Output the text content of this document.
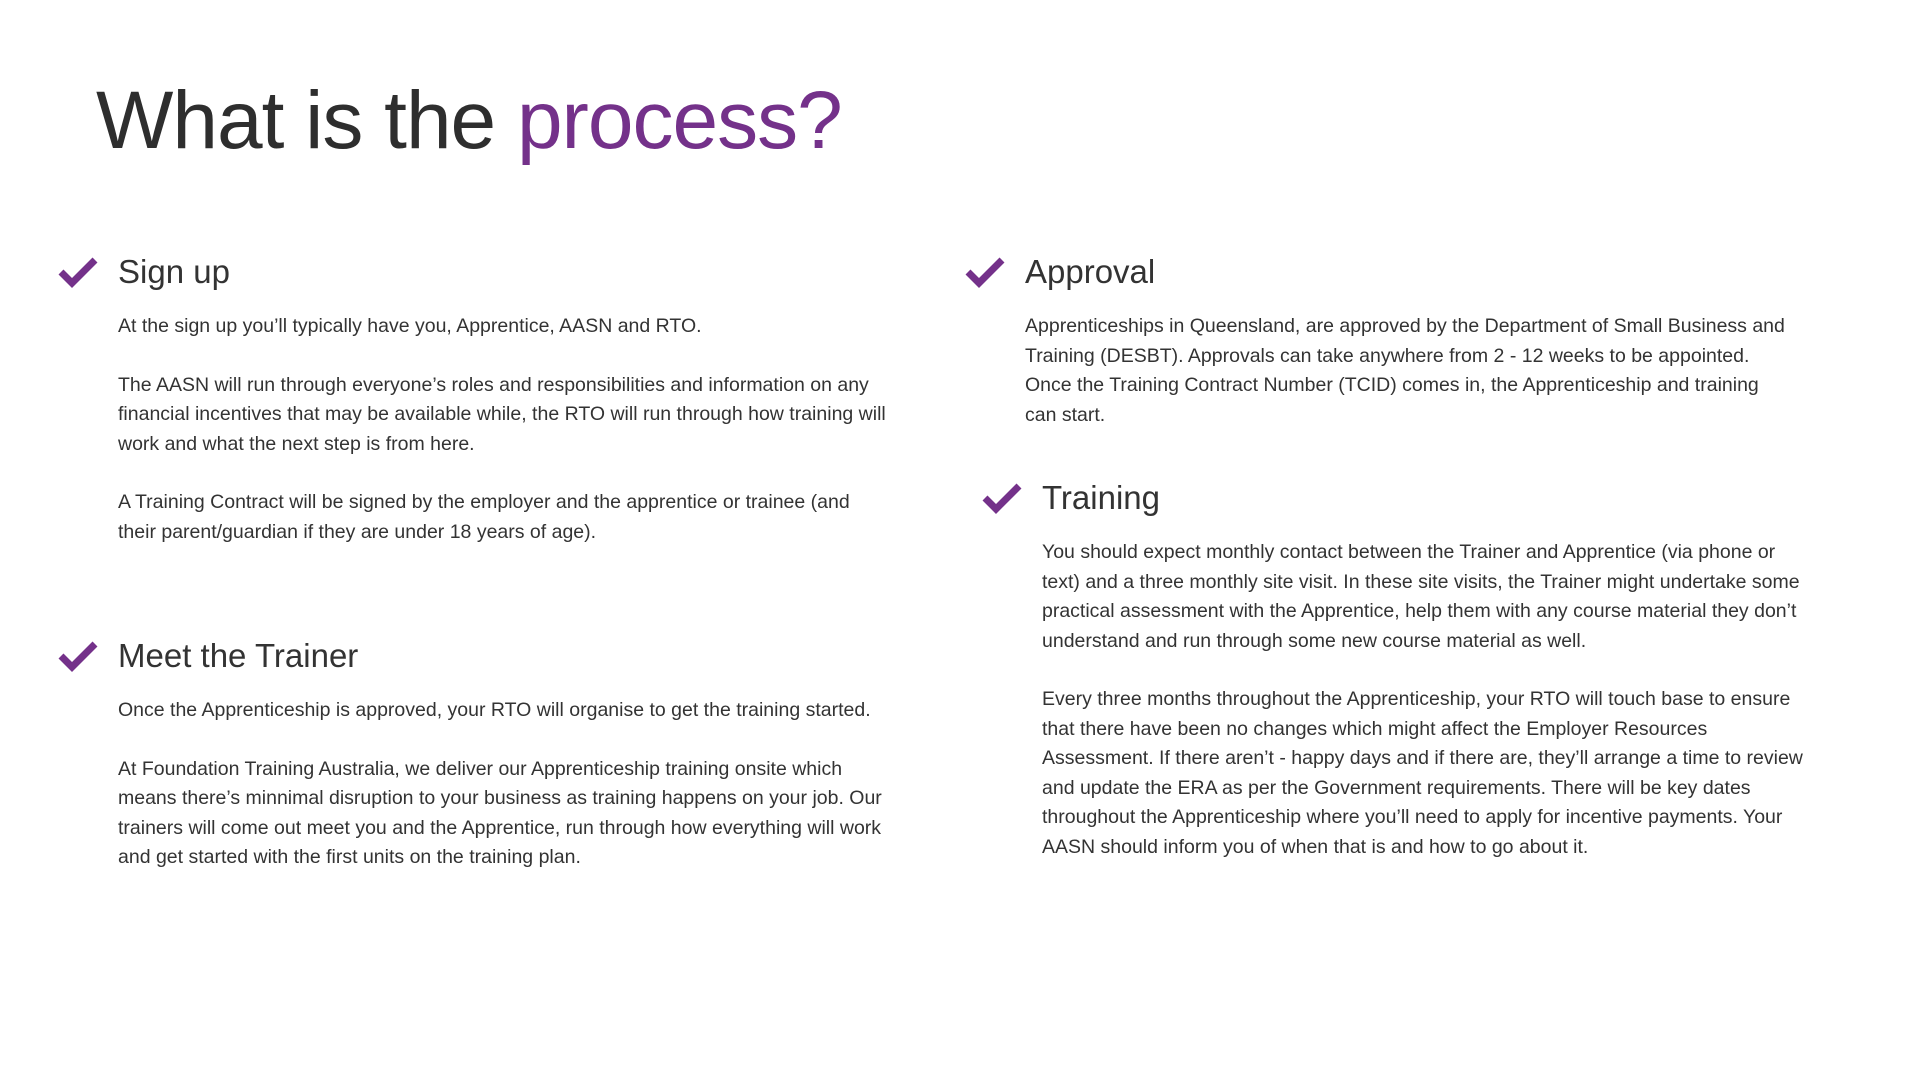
What is the process?
Sign up

At the sign up you’ll typically have you, Apprentice, AASN and RTO.

The AASN will run through everyone’s roles and responsibilities and information on any financial incentives that may be available while, the RTO will run through how training will work and what the next step is from here.

A Training Contract will be signed by the employer and the apprentice or trainee (and their parent/guardian if they are under 18 years of age).

Meet the Trainer

Once the Apprenticeship is approved, your RTO will organise to get the training started.

At Foundation Training Australia, we deliver our Apprenticeship training onsite which means there’s minnimal disruption to your business as training happens on your job. Our trainers will come out meet you and the Apprentice, run through how everything will work and get started with the first units on the training plan.

Approval

Apprenticeships in Queensland, are approved by the Department of Small Business and Training (DESBT). Approvals can take anywhere from 2 - 12 weeks to be appointed. Once the Training Contract Number (TCID) comes in, the Apprenticeship and training can start.

Training

You should expect monthly contact between the Trainer and Apprentice (via phone or text) and a three monthly site visit. In these site visits, the Trainer might undertake some practical assessment with the Apprentice, help them with any course material they don’t understand and run through some new course material as well.

Every three months throughout the Apprenticeship, your RTO will touch base to ensure that there have been no changes which might affect the Employer Resources Assessment. If there aren’t - happy days and if there are, they’ll arrange a time to review and update the ERA as per the Government requirements. There will be key dates throughout the Apprenticeship where you’ll need to apply for incentive payments. Your AASN should inform you of when that is and how to go about it.
